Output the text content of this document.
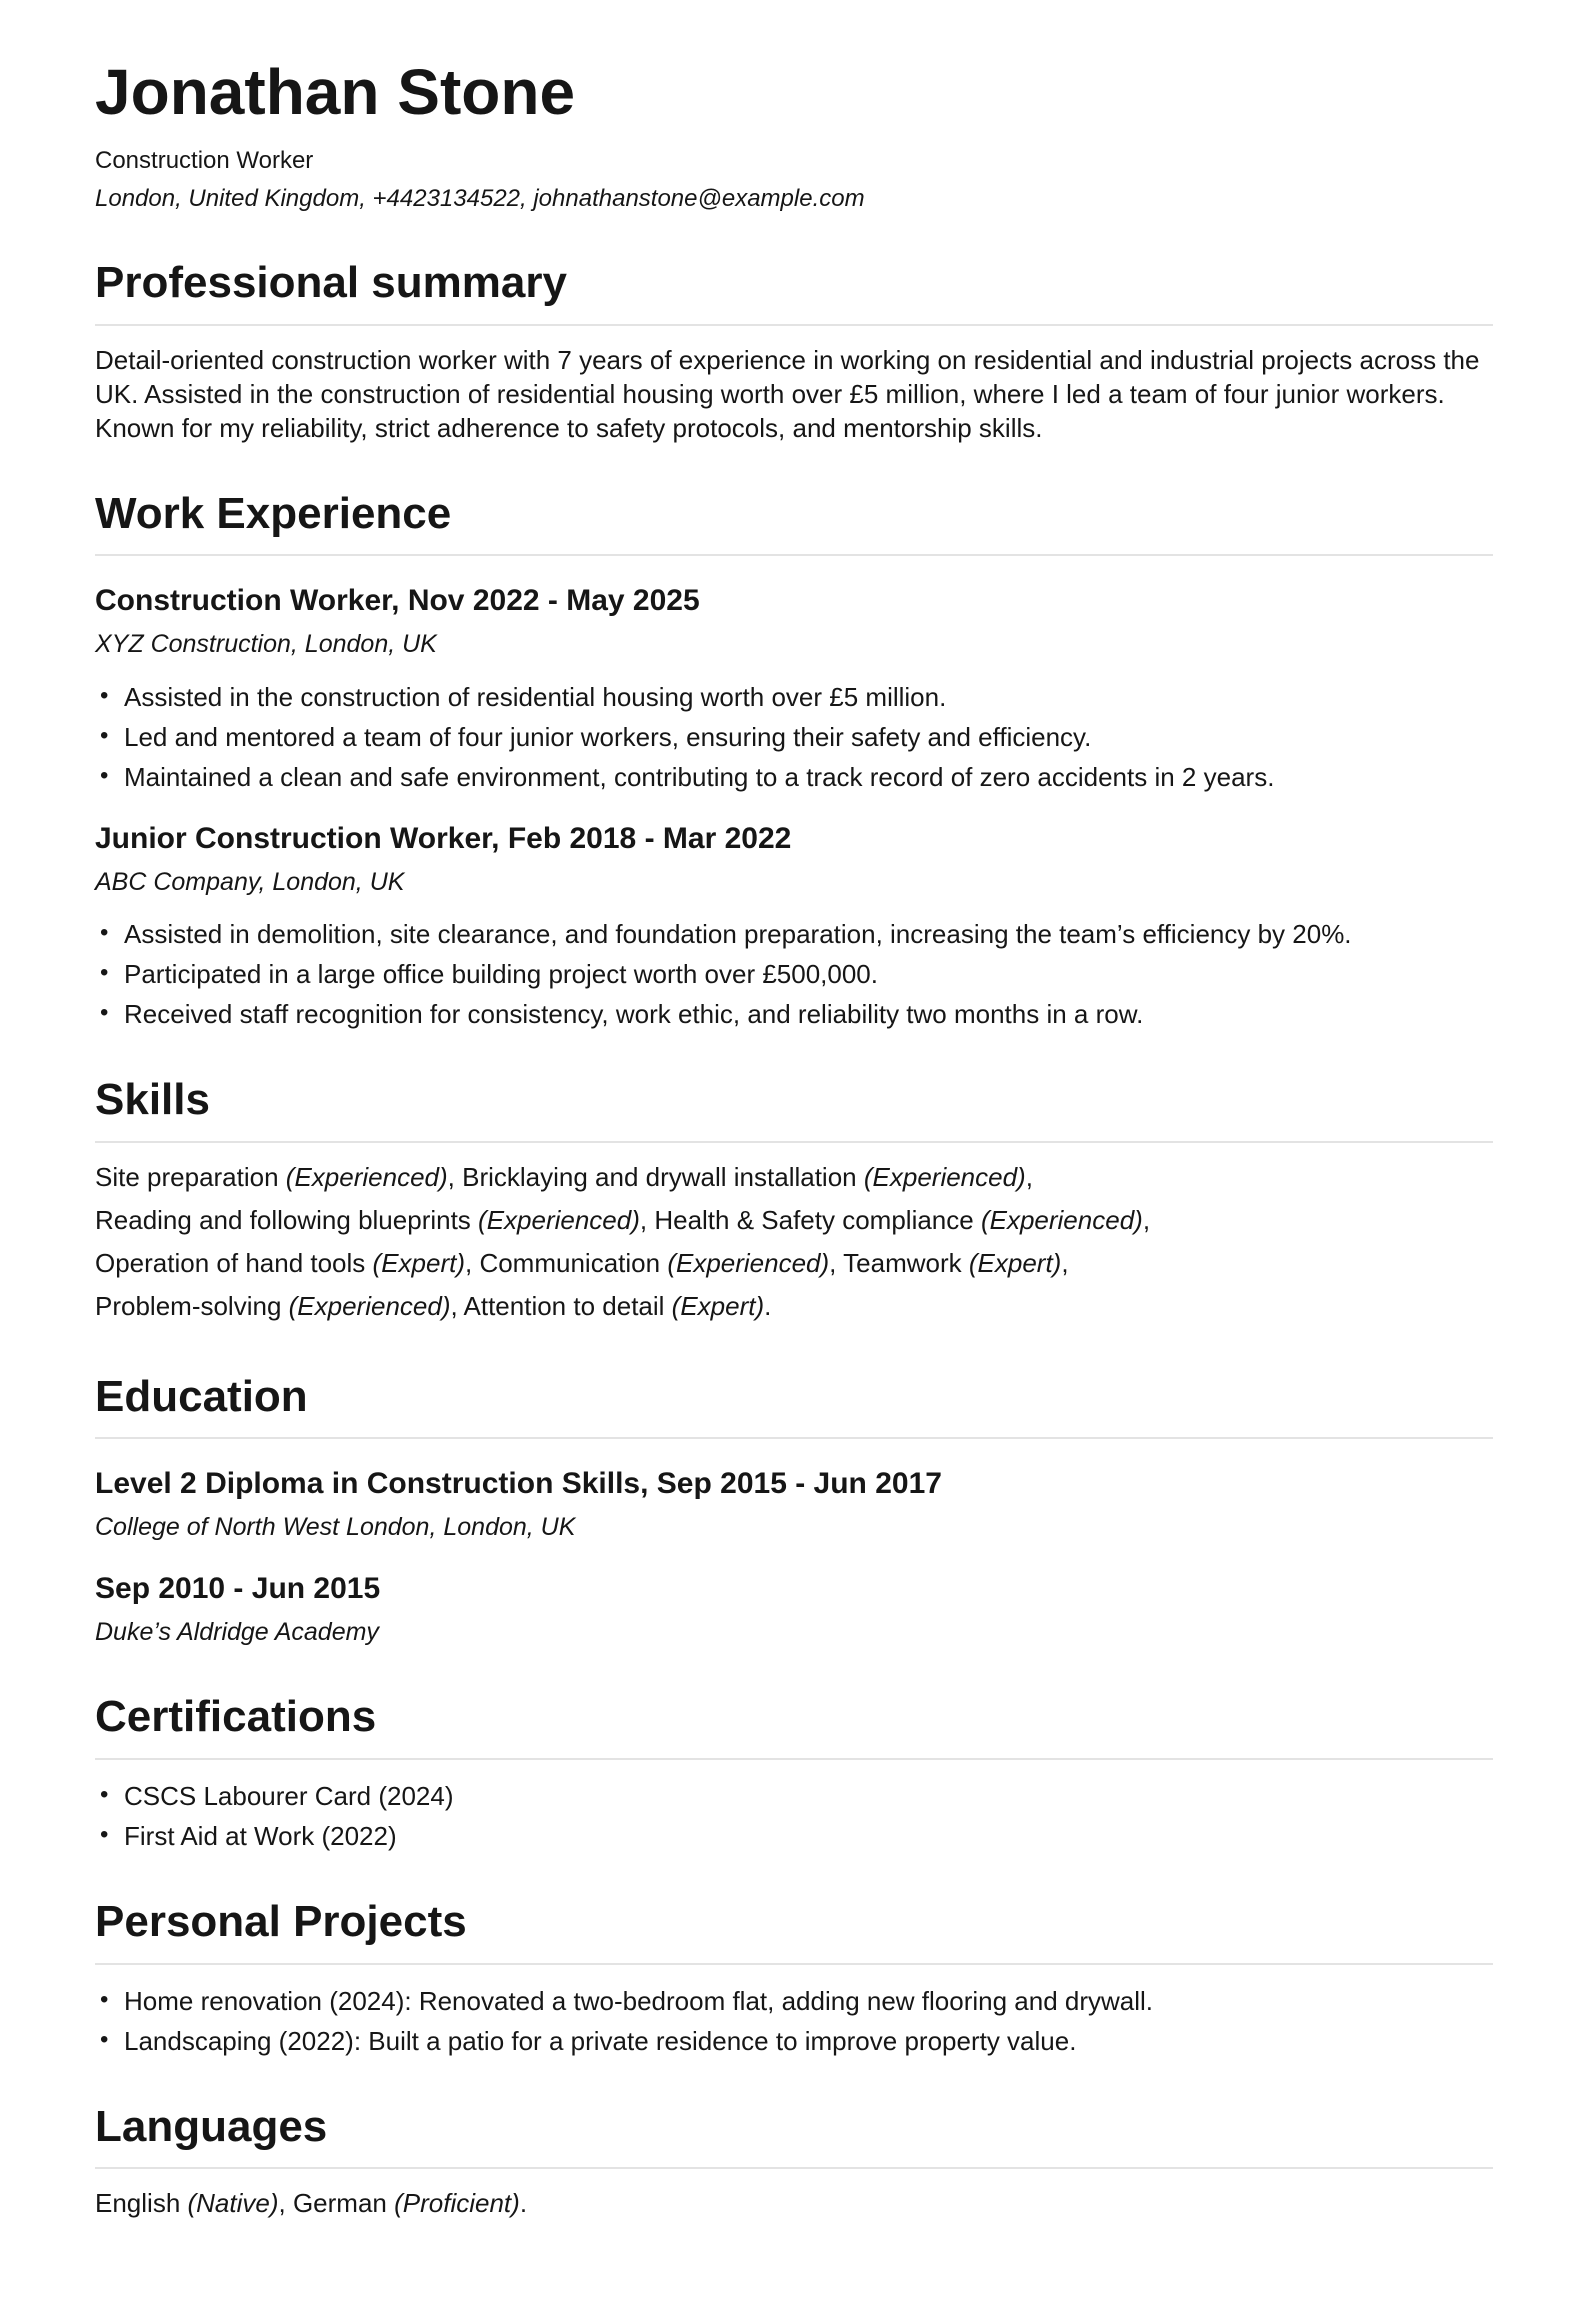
Jonathan Stone
Construction Worker
London, United Kingdom, +4423134522, johnathanstone@example.com
Professional summary

Detail-oriented construction worker with 7 years of experience in working on residential and industrial projects across the UK. Assisted in the construction of residential housing worth over £5 million, where I led a team of four junior workers. Known for my reliability, strict adherence to safety protocols, and mentorship skills.

Work Experience
Construction Worker, Nov 2022 - May 2025
XYZ Construction, London, UK
• Assisted in the construction of residential housing worth over £5 million.
• Led and mentored a team of four junior workers, ensuring their safety and efficiency.
• Maintained a clean and safe environment, contributing to a track record of zero accidents in 2 years.
Junior Construction Worker, Feb 2018 - Mar 2022
ABC Company, London, UK
• Assisted in demolition, site clearance, and foundation preparation, increasing the team’s efficiency by 20%.
• Participated in a large office building project worth over £500,000.
• Received staff recognition for consistency, work ethic, and reliability two months in a row.
Skills
Site preparation (Experienced), Bricklaying and drywall installation (Experienced),
Reading and following blueprints (Experienced), Health & Safety compliance (Experienced),
Operation of hand tools (Expert), Communication (Experienced), Teamwork (Expert),
Problem-solving (Experienced), Attention to detail (Expert).
Education
Level 2 Diploma in Construction Skills, Sep 2015 - Jun 2017
College of North West London, London, UK
Sep 2010 - Jun 2015
Duke’s Aldridge Academy
Certifications
• CSCS Labourer Card (2024)
• First Aid at Work (2022)
Personal Projects
• Home renovation (2024): Renovated a two-bedroom flat, adding new flooring and drywall.
• Landscaping (2022): Built a patio for a private residence to improve property value.
Languages

English (Native), German (Proficient).
